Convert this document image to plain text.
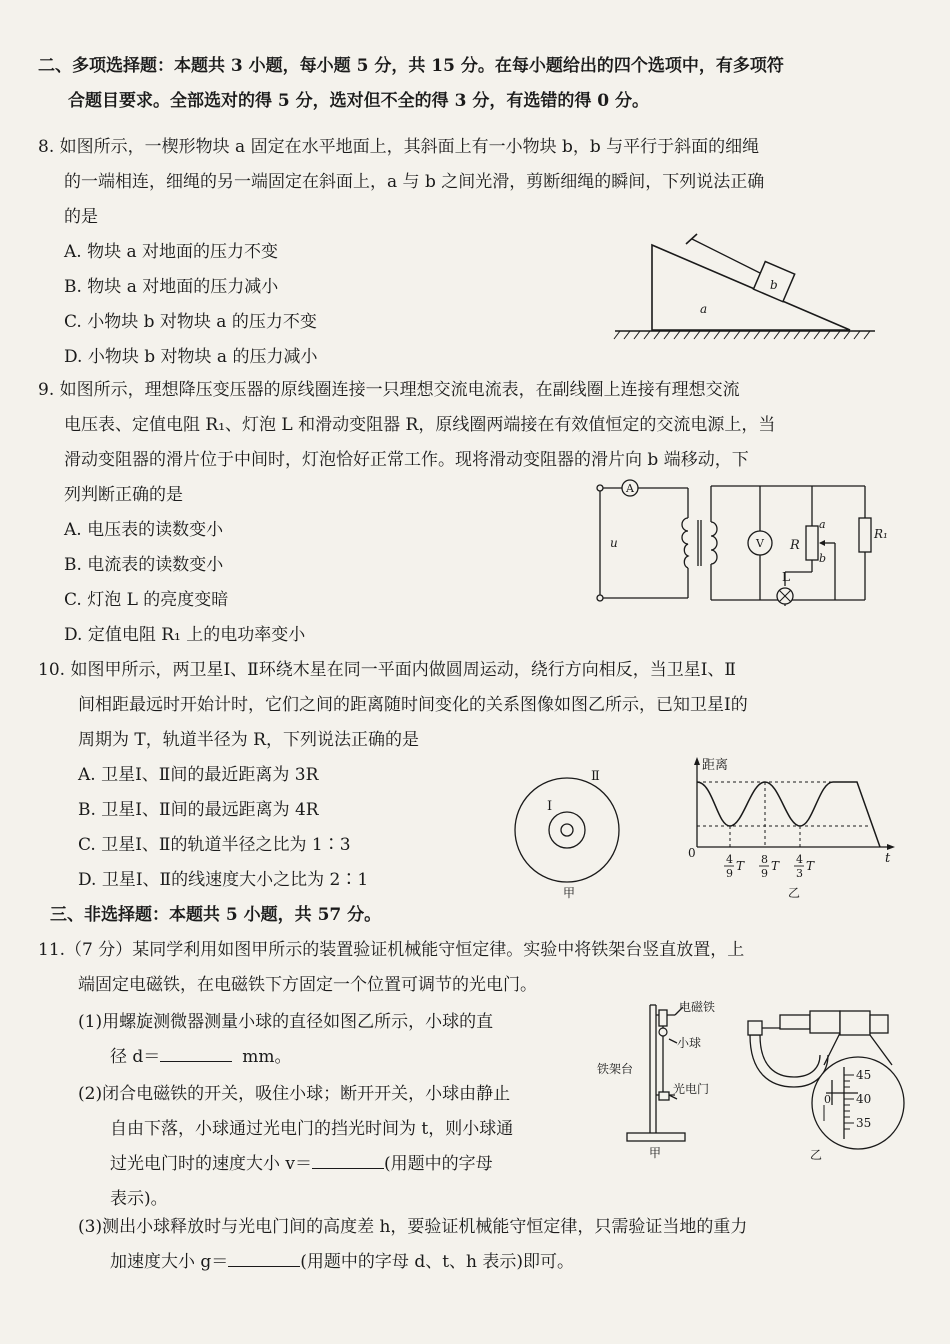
二、多项选择题：本题共 3 小题，每小题 5 分，共 15 分。在每小题给出的四个选项中，有多项符
合题目要求。全部选对的得 5 分，选对但不全的得 3 分，有选错的得 0 分。
8. 如图所示，一楔形物块 a 固定在水平地面上，其斜面上有一小物块 b，b 与平行于斜面的细绳
的一端相连，细绳的另一端固定在斜面上，a 与 b 之间光滑，剪断细绳的瞬间，下列说法正确
的是
A. 物块 a 对地面的压力不变
B. 物块 a 对地面的压力减小
C. 小物块 b 对物块 a 的压力不变
D. 小物块 b 对物块 a 的压力减小
b
a
9. 如图所示，理想降压变压器的原线圈连接一只理想交流电流表，在副线圈上连接有理想交流
电压表、定值电阻 R₁、灯泡 L 和滑动变阻器 R，原线圈两端接在有效值恒定的交流电源上，当
滑动变阻器的滑片位于中间时，灯泡恰好正常工作。现将滑动变阻器的滑片向 b 端移动，下
列判断正确的是
A. 电压表的读数变小
B. 电流表的读数变小
C. 灯泡 L 的亮度变暗
D. 定值电阻 R₁ 上的电功率变小
A
V
u	R
a
b
L
R₁
10. 如图甲所示，两卫星Ⅰ、Ⅱ环绕木星在同一平面内做圆周运动，绕行方向相反，当卫星Ⅰ、Ⅱ
间相距最远时开始计时，它们之间的距离随时间变化的关系图像如图乙所示，已知卫星Ⅰ的
周期为 T，轨道半径为 R，下列说法正确的是
A. 卫星Ⅰ、Ⅱ间的最近距离为 3R
B. 卫星Ⅰ、Ⅱ间的最远距离为 4R
C. 卫星Ⅰ、Ⅱ的轨道半径之比为 1∶3
D. 卫星Ⅰ、Ⅱ的线速度大小之比为 2∶1
Ⅰ
Ⅱ
甲
距离
0	t
4
9
T 8
9
T 4
3
T
乙
三、非选择题：本题共 5 小题，共 57 分。
11.（7 分）某同学利用如图甲所示的装置验证机械能守恒定律。实验中将铁架台竖直放置，上
端固定电磁铁，在电磁铁下方固定一个位置可调节的光电门。
(1)用螺旋测微器测量小球的直径如图乙所示，小球的直
径 d＝	mm。
(2)闭合电磁铁的开关，吸住小球；断开开关，小球由静止
自由下落，小球通过光电门的挡光时间为 t，则小球通
过光电门时的速度大小 v＝	(用题中的字母
表示)。
(3)测出小球释放时与光电门间的高度差 h，要验证机械能守恒定律，只需验证当地的重力
加速度大小 g＝	(用题中的字母 d、t、h 表示)即可。
电磁铁
小球
铁架台
光电门
甲
45
40
35
0
乙
